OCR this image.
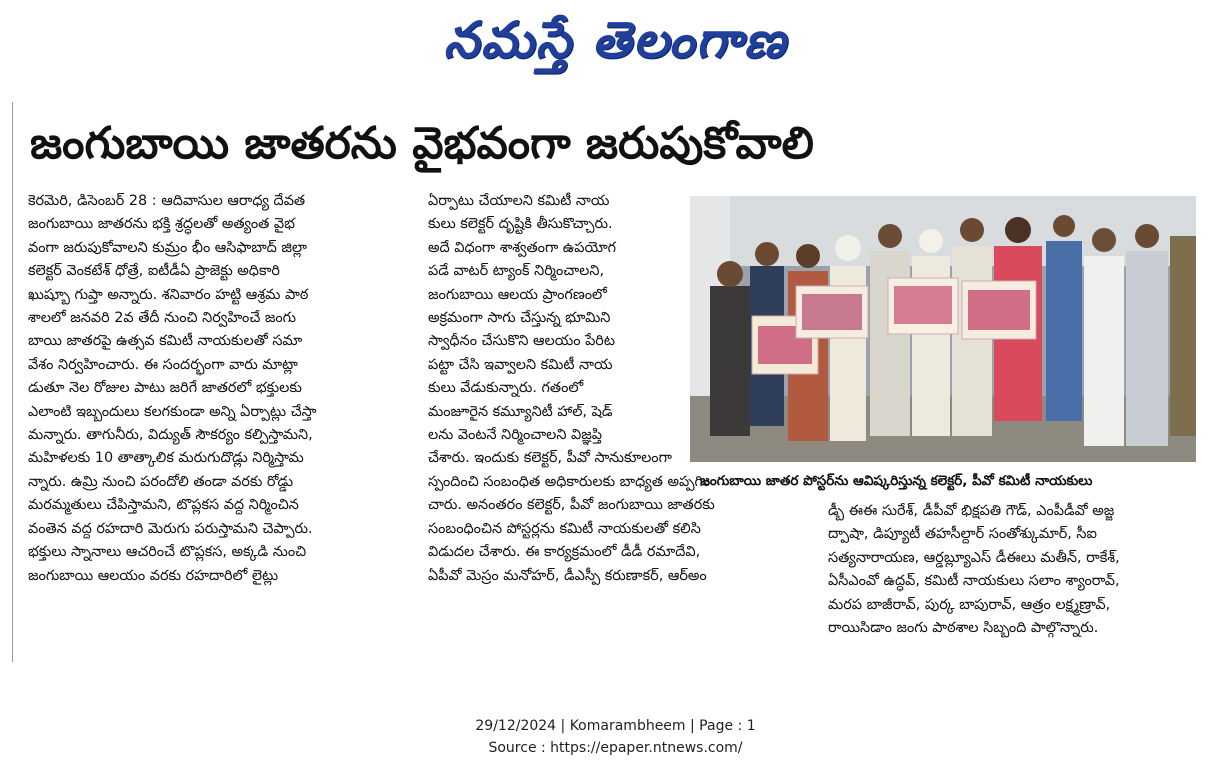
నమస్తే తెలంగాణ
జంగుబాయి జాతరను వైభవంగా జరుపుకోవాలి
కెరమెరి, డిసెంబర్ 28 : ఆదివాసుల ఆరాధ్య దేవత
జంగుబాయి జాతరను భక్తి శ్రద్ధలతో అత్యంత వైభ
వంగా జరుపుకోవాలని కుమ్రం భీం ఆసిఫాబాద్ జిల్లా
కలెక్టర్ వెంకటేశ్ ధోత్రే, ఐటీడీఏ ప్రాజెక్టు అధికారి
ఖుష్బూ గుప్తా అన్నారు. శనివారం హట్టి ఆశ్రమ పాఠ
శాలలో జనవరి 2వ తేదీ నుంచి నిర్వహించే జంగు
బాయి జాతరపై ఉత్సవ కమిటీ నాయకులతో సమా
వేశం నిర్వహించారు. ఈ సందర్భంగా వారు మాట్లా
డుతూ నెల రోజుల పాటు జరిగే జాతరలో భక్తులకు
ఎలాంటి ఇబ్బందులు కలగకుండా అన్ని ఏర్పాట్లు చేస్తా
మన్నారు. తాగునీరు, విద్యుత్ సౌకర్యం కల్పిస్తామని,
మహిళలకు 10 తాత్కాలిక మరుగుదొడ్లు నిర్మిస్తామ
న్నారు. ఉమ్రి నుంచి పరందోలి తండా వరకు రోడ్డు
మరమ్మతులు చేపిస్తామని, టొప్లకస వద్ద నిర్మించిన
వంతెన వద్ద రహదారి మెరుగు పరుస్తామని చెప్పారు.
భక్తులు స్నానాలు ఆచరించే టొప్లకస, అక్కడి నుంచి
జంగుబాయి ఆలయం వరకు రహదారిలో లైట్లు
ఏర్పాటు చేయాలని కమిటీ నాయ
కులు కలెక్టర్ దృష్టికి తీసుకొచ్చారు.
అదే విధంగా శాశ్వతంగా ఉపయోగ
పడే వాటర్ ట్యాంక్ నిర్మించాలని,
జంగుబాయి ఆలయ ప్రాంగణంలో
అక్రమంగా సాగు చేస్తున్న భూమిని
స్వాధీనం చేసుకొని ఆలయం పేరిట
పట్టా చేసి ఇవ్వాలని కమిటీ నాయ
కులు వేడుకున్నారు. గతంలో
మంజూరైన కమ్యూనిటీ హాల్, షెడ్
లను వెంటనే నిర్మించాలని విజ్ఞప్తి
చేశారు. ఇందుకు కలెక్టర్, పీవో సానుకూలంగా
స్పందించి సంబంధిత అధికారులకు బాధ్యత అప్పగిం
చారు. అనంతరం కలెక్టర్, పీవో జంగుబాయి జాతరకు
సంబంధించిన పోస్టర్లను కమిటీ నాయకులతో కలిసి
విడుదల చేశారు. ఈ కార్యక్రమంలో డీడీ రమాదేవి,
ఏపీవో మెస్రం మనోహర్, డీఎస్పీ కరుణాకర్, ఆర్అం
జంగుబాయి జాతర పోస్టర్‌ను ఆవిష్కరిస్తున్న కలెక్టర్, పీవో కమిటీ నాయకులు
డ్బీ ఈఈ సురేశ్, డీపీవో భిక్షపతి గౌడ్, ఎంపీడీవో అజ్జ
ద్పాషా, డిప్యూటీ తహసీల్దార్ సంతోశ్కుమార్, సీఐ
సత్యనారాయణ, ఆర్డబ్ల్యూఎస్ డీఈలు మతీన్, రాకేశ్,
ఏసీఎంవో ఉద్ధవ్, కమిటీ నాయకులు సలాం శ్యాంరావ్,
మరప బాజీరావ్, పుర్క బాపురావ్, ఆత్రం లక్ష్మణ్రావ్,
రాయిసిడాం జంగు పాఠశాల సిబ్బంది పాల్గొన్నారు.
29/12/2024 | Komarambheem | Page : 1
Source : https://epaper.ntnews.com/
